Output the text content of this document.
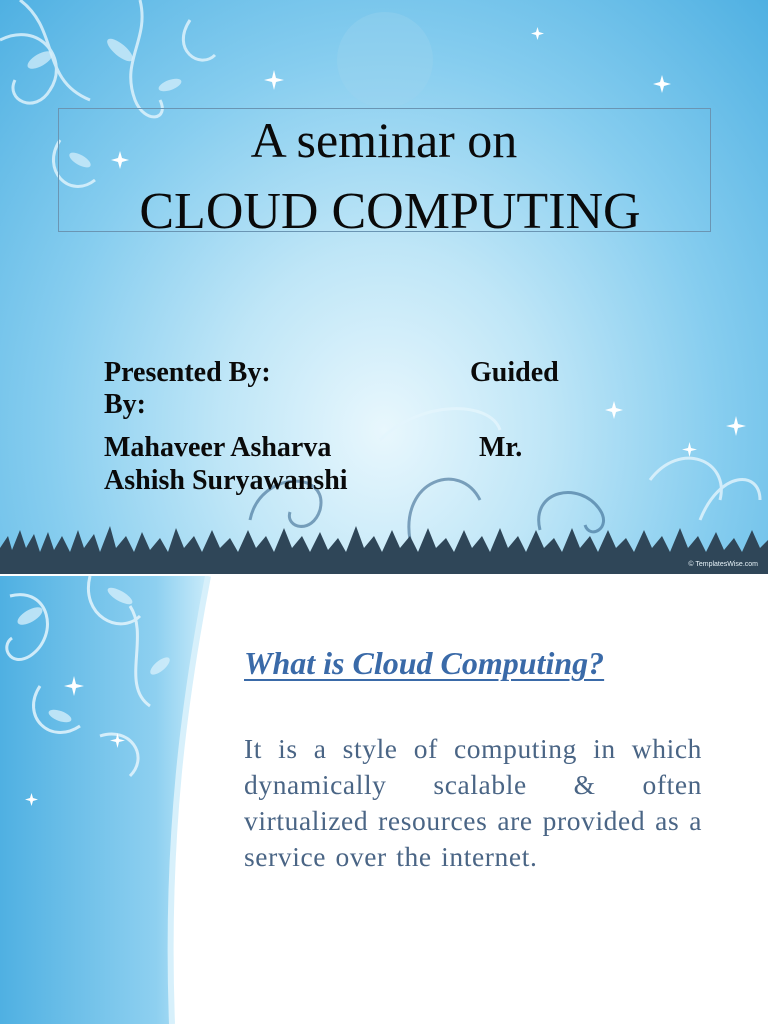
A seminar on
CLOUD COMPUTING
Presented By:	Guided
By:
Mahaveer Asharva	Mr.
Ashish Suryawanshi
© TemplatesWise.com
What is Cloud Computing?
It is a style of computing in which dynamically scalable & often virtualized resources are provided as a service over the internet.
